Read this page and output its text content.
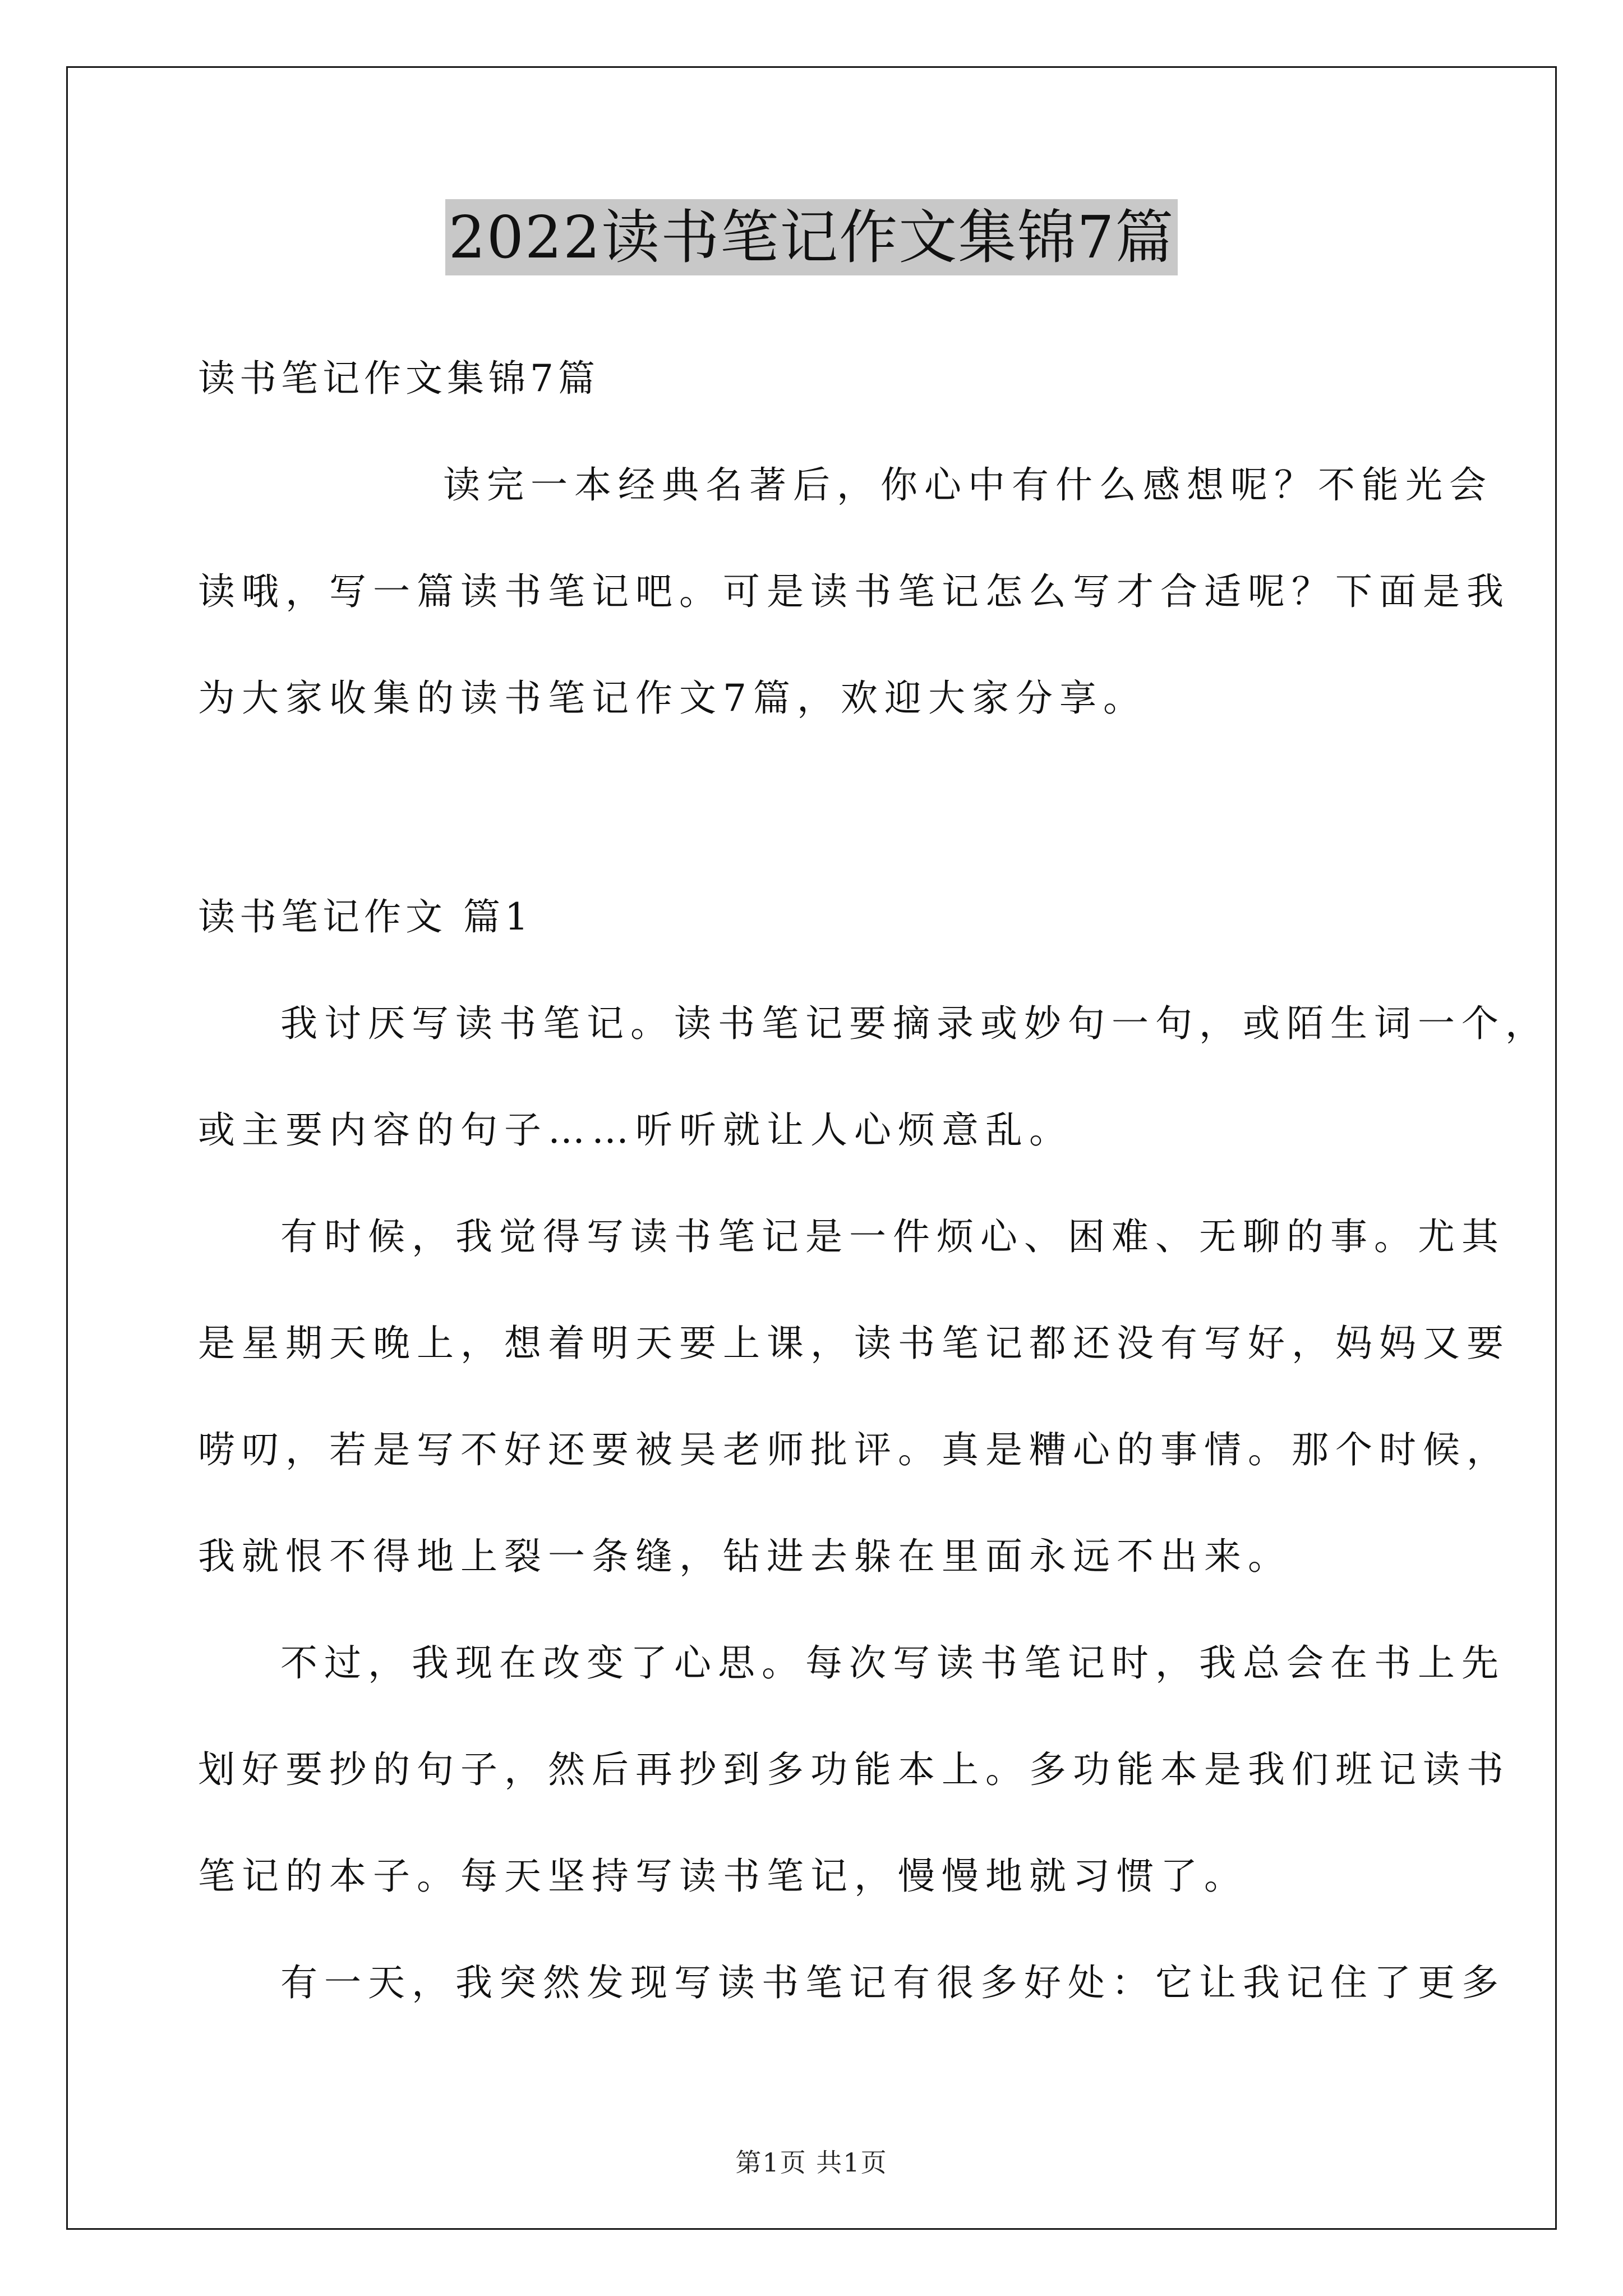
2022读书笔记作文集锦7篇
读书笔记作文集锦7篇
读完一本经典名著后，你心中有什么感想呢？不能光会
读哦，写一篇读书笔记吧。可是读书笔记怎么写才合适呢？下面是我
为大家收集的读书笔记作文7篇，欢迎大家分享。
读书笔记作文 篇1
我讨厌写读书笔记。读书笔记要摘录或妙句一句，或陌生词一个，
或主要内容的句子……听听就让人心烦意乱。
有时候，我觉得写读书笔记是一件烦心、困难、无聊的事。尤其
是星期天晚上，想着明天要上课，读书笔记都还没有写好，妈妈又要
唠叨，若是写不好还要被吴老师批评。真是糟心的事情。那个时候，
我就恨不得地上裂一条缝，钻进去躲在里面永远不出来。
不过，我现在改变了心思。每次写读书笔记时，我总会在书上先
划好要抄的句子，然后再抄到多功能本上。多功能本是我们班记读书
笔记的本子。每天坚持写读书笔记，慢慢地就习惯了。
有一天，我突然发现写读书笔记有很多好处：它让我记住了更多
第1页 共1页
